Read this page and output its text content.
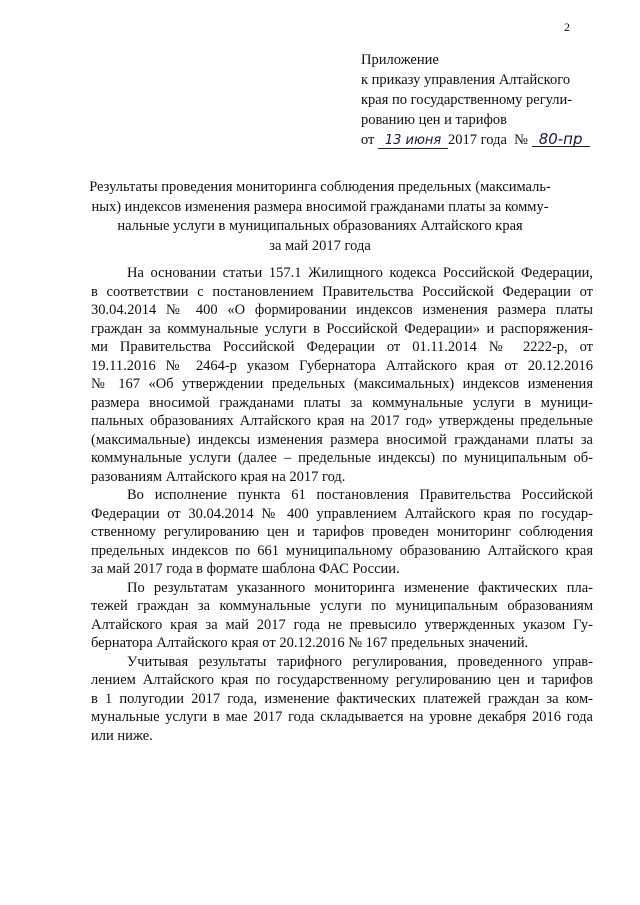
2
Приложение
к приказу управления Алтайского
края по государственному регули-
рованию цен и тарифов
от 13 июня 2017 года № 80-пр
Результаты проведения мониторинга соблюдения предельных (максималь-
ных) индексов изменения размера вносимой гражданами платы за комму-
нальные услуги в муниципальных образованиях Алтайского края
за май 2017 года
На основании статьи 157.1 Жилищного кодекса Российской Федерации,
в соответствии с постановлением Правительства Российской Федерации от
30.04.2014 № 400 «О формировании индексов изменения размера платы
граждан за коммунальные услуги в Российской Федерации» и распоряжения-
ми Правительства Российской Федерации от 01.11.2014 № 2222-р, от
19.11.2016 № 2464-р указом Губернатора Алтайского края от 20.12.2016
№ 167 «Об утверждении предельных (максимальных) индексов изменения
размера вносимой гражданами платы за коммунальные услуги в муници-
пальных образованиях Алтайского края на 2017 год» утверждены предельные
(максимальные) индексы изменения размера вносимой гражданами платы за
коммунальные услуги (далее – предельные индексы) по муниципальным об-
разованиям Алтайского края на 2017 год.
Во исполнение пункта 61 постановления Правительства Российской
Федерации от 30.04.2014 № 400 управлением Алтайского края по государ-
ственному регулированию цен и тарифов проведен мониторинг соблюдения
предельных индексов по 661 муниципальному образованию Алтайского края
за май 2017 года в формате шаблона ФАС России.
По результатам указанного мониторинга изменение фактических пла-
тежей граждан за коммунальные услуги по муниципальным образованиям
Алтайского края за май 2017 года не превысило утвержденных указом Гу-
бернатора Алтайского края от 20.12.2016 № 167 предельных значений.
Учитывая результаты тарифного регулирования, проведенного управ-
лением Алтайского края по государственному регулированию цен и тарифов
в 1 полугодии 2017 года, изменение фактических платежей граждан за ком-
мунальные услуги в мае 2017 года складывается на уровне декабря 2016 года
или ниже.
